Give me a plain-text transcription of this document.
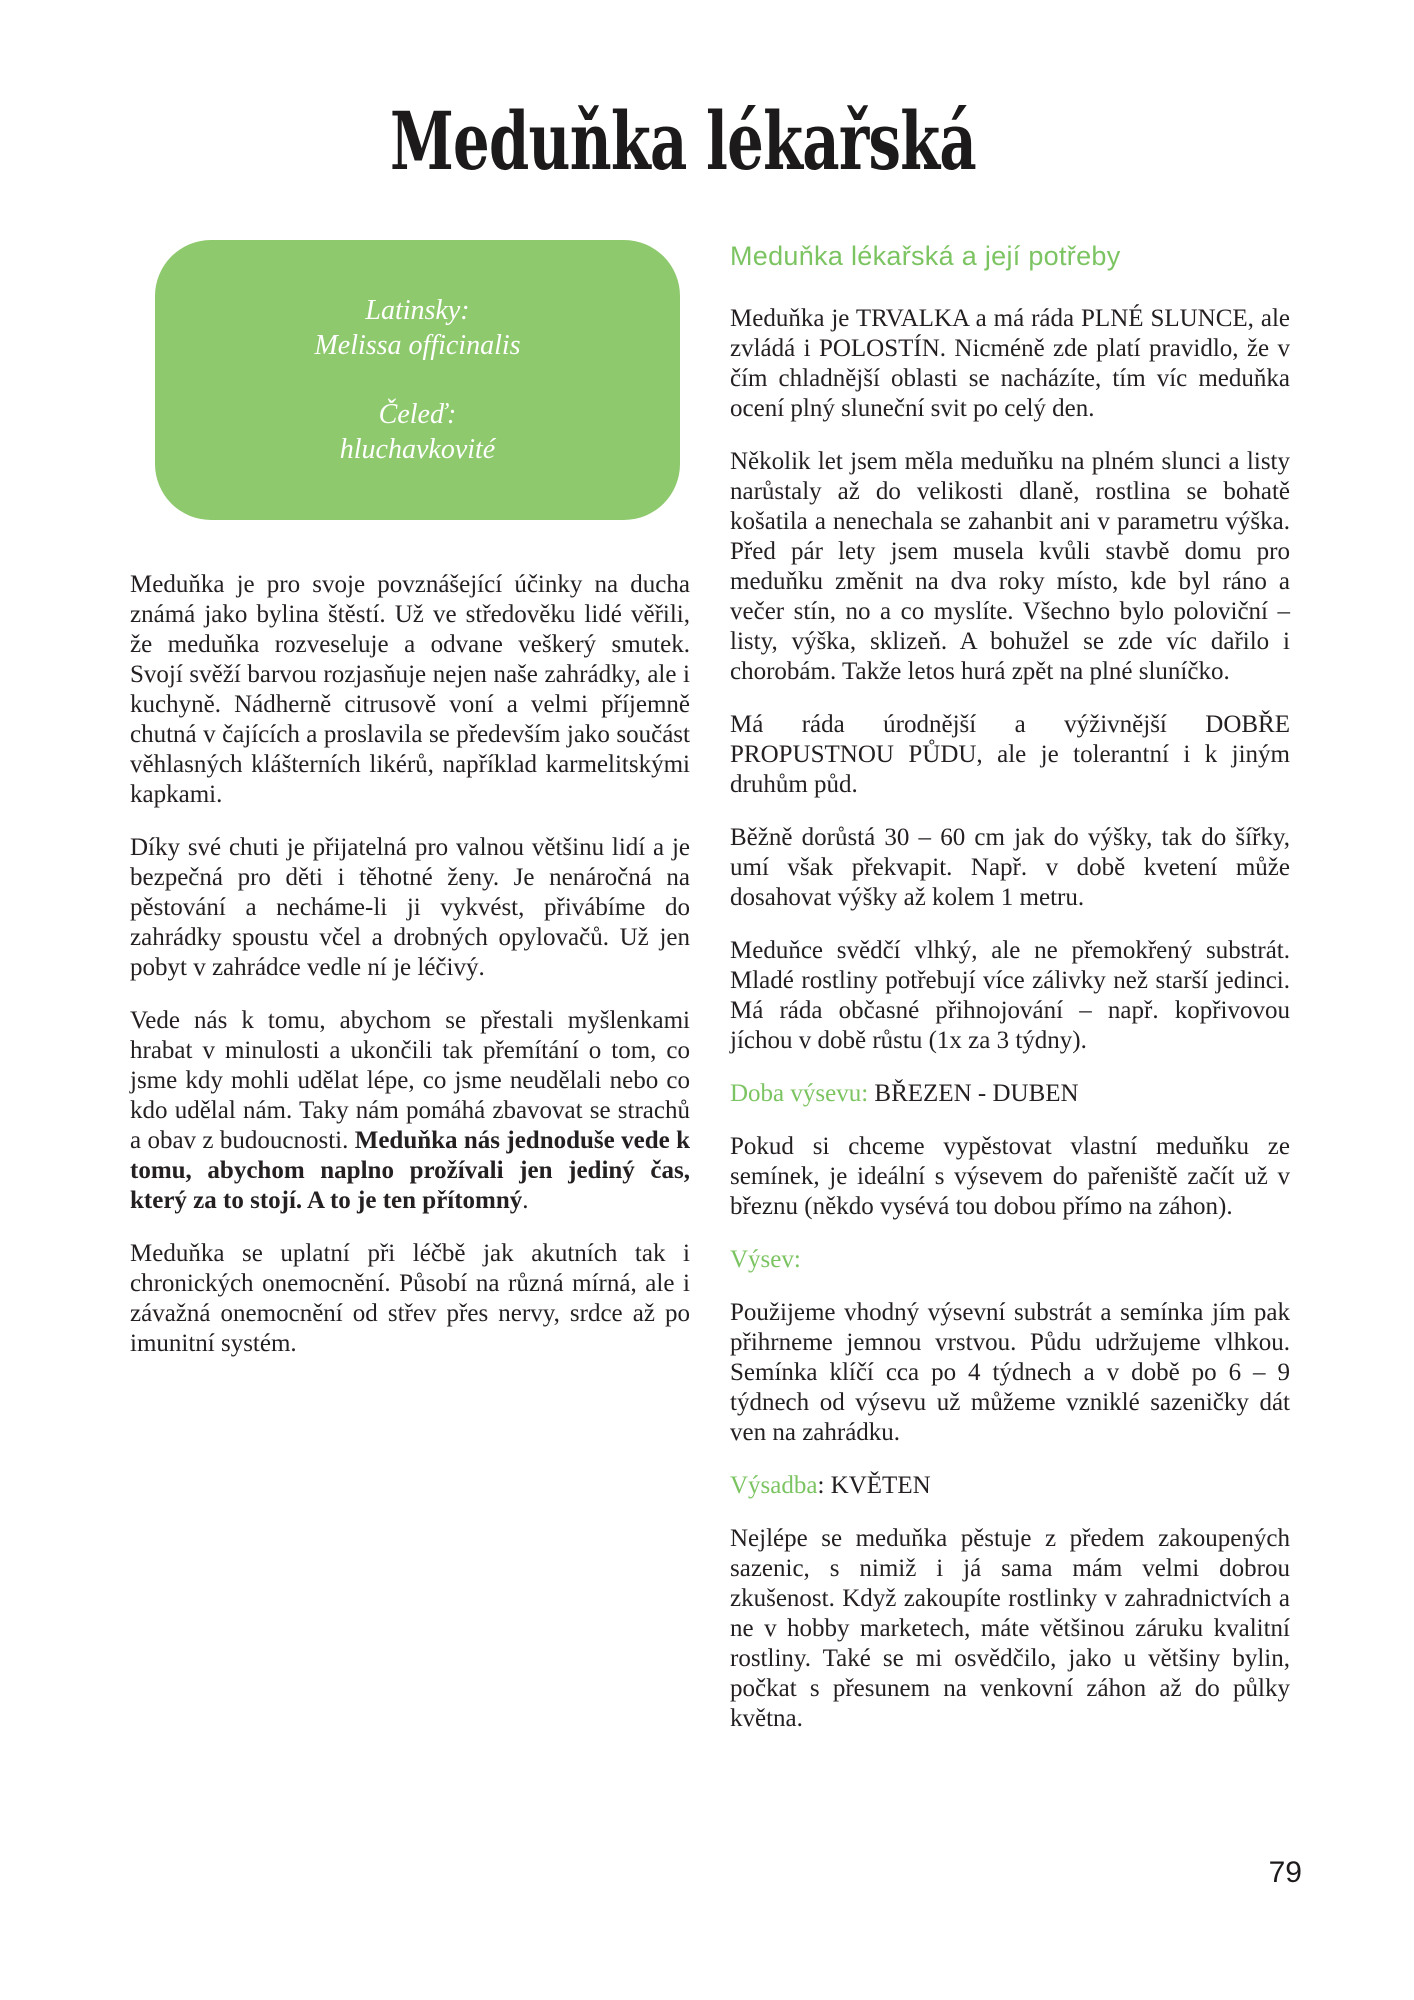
Meduňka lékařská
Latinsky:
Melissa officinalis
Čeleď:
hluchavkovité

Meduňka je pro svoje povznášející účinky na ducha známá jako bylina štěstí. Už ve středověku lidé věřili, že meduňka rozveseluje a odvane veškerý smutek. Svojí svěží barvou rozjasňuje nejen naše zahrádky, ale i kuchyně. Nádherně citrusově voní a velmi příjemně chutná v čajících a proslavila se především jako součást věhlasných klášterních likérů, například karmelitskými kapkami.

Díky své chuti je přijatelná pro valnou většinu lidí a je bezpečná pro děti i těhotné ženy. Je nenáročná na pěstování a necháme-li ji vykvést, přivábíme do zahrádky spoustu včel a drobných opylovačů. Už jen pobyt v zahrádce vedle ní je léčivý.

Vede nás k tomu, abychom se přestali myšlenkami hrabat v minulosti a ukončili tak přemítání o tom, co jsme kdy mohli udělat lépe, co jsme neudělali nebo co kdo udělal nám. Taky nám pomáhá zbavovat se strachů a obav z budoucnosti. Meduňka nás jednoduše vede k tomu, abychom naplno prožívali jen jediný čas, který za to stojí. A to je ten přítomný.

Meduňka se uplatní při léčbě jak akutních tak i chronických onemocnění. Působí na různá mírná, ale i závažná onemocnění od střev přes nervy, srdce až po imunitní systém.

Meduňka lékařská a její potřeby

Meduňka je TRVALKA a má ráda PLNÉ SLUNCE, ale zvládá i POLOSTÍN. Nicméně zde platí pravidlo, že v čím chladnější oblasti se nacházíte, tím víc meduňka ocení plný sluneční svit po celý den.

Několik let jsem měla meduňku na plném slunci a listy narůstaly až do velikosti dlaně, rostlina se bohatě košatila a nenechala se zahanbit ani v parametru výška. Před pár lety jsem musela kvůli stavbě domu pro meduňku změnit na dva roky místo, kde byl ráno a večer stín, no a co myslíte. Všechno bylo poloviční – listy, výška, sklizeň. A bohužel se zde víc dařilo i chorobám. Takže letos hurá zpět na plné sluníčko.

Má ráda úrodnější a výživnější DOBŘE PROPUSTNOU PŮDU, ale je tolerantní i k jiným druhům půd.

Běžně dorůstá 30 – 60 cm jak do výšky, tak do šířky, umí však překvapit. Např. v době kvetení může dosahovat výšky až kolem 1 metru.

Meduňce svědčí vlhký, ale ne přemokřený substrát. Mladé rostliny potřebují více zálivky než starší jedinci. Má ráda občasné přihnojování – např. kopřivovou jíchou v době růstu (1x za 3 týdny).

Doba výsevu: BŘEZEN - DUBEN

Pokud si chceme vypěstovat vlastní meduňku ze semínek, je ideální s výsevem do pařeniště začít už v březnu (někdo vysévá tou dobou přímo na záhon).

Výsev:

Použijeme vhodný výsevní substrát a semínka jím pak přihrneme jemnou vrstvou. Půdu udržujeme vlhkou. Semínka klíčí cca po 4 týdnech a v době po 6 – 9 týdnech od výsevu už můžeme vzniklé sazeničky dát ven na zahrádku.

Výsadba: KVĚTEN

Nejlépe se meduňka pěstuje z předem zakoupených sazenic, s nimiž i já sama mám velmi dobrou zkušenost. Když zakoupíte rostlinky v zahradnictvích a ne v hobby marketech, máte většinou záruku kvalitní rostliny. Také se mi osvědčilo, jako u většiny bylin, počkat s přesunem na venkovní záhon až do půlky května.

79
